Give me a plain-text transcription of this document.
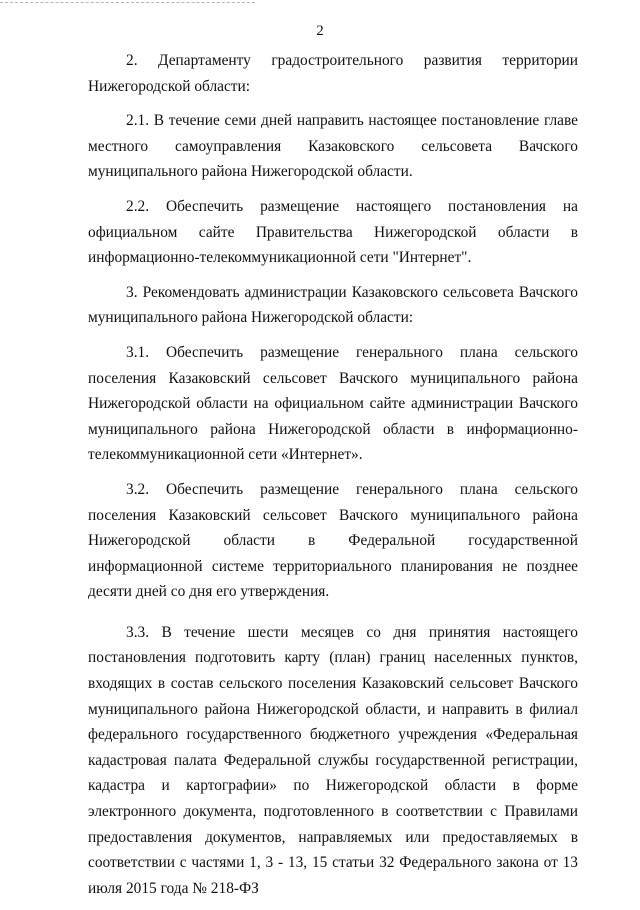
2

2. Департаменту градостроительного развития территории Нижегородской области:

2.1. В течение семи дней направить настоящее постановление главе местного самоуправления Казаковского сельсовета Вачского муниципального района Нижегородской области.

2.2. Обеспечить размещение настоящего постановления на официальном сайте Правительства Нижегородской области в информационно-телекоммуникационной сети "Интернет".

3. Рекомендовать администрации Казаковского сельсовета Вачского муниципального района Нижегородской области:

3.1. Обеспечить размещение генерального плана сельского поселения Казаковский сельсовет Вачского муниципального района Нижегородской области на официальном сайте администрации Вачского муниципального района Нижегородской области в информационно-телекоммуникационной сети «Интернет».

3.2. Обеспечить размещение генерального плана сельского поселения Казаковский сельсовет Вачского муниципального района Нижегородской области в Федеральной государственной информационной системе территориального планирования не позднее десяти дней со дня его утверждения.

3.3. В течение шести месяцев со дня принятия настоящего постановления подготовить карту (план) границ населенных пунктов, входящих в состав сельского поселения Казаковский сельсовет Вачского муниципального района Нижегородской области, и направить в филиал федерального государственного бюджетного учреждения «Федеральная кадастровая палата Федеральной службы государственной регистрации, кадастра и картографии» по Нижегородской области в форме электронного документа, подготовленного в соответствии с Правилами предоставления документов, направляемых или предоставляемых в соответствии с частями 1, 3 - 13, 15 статьи 32 Федерального закона от 13 июля 2015 года № 218-ФЗ
